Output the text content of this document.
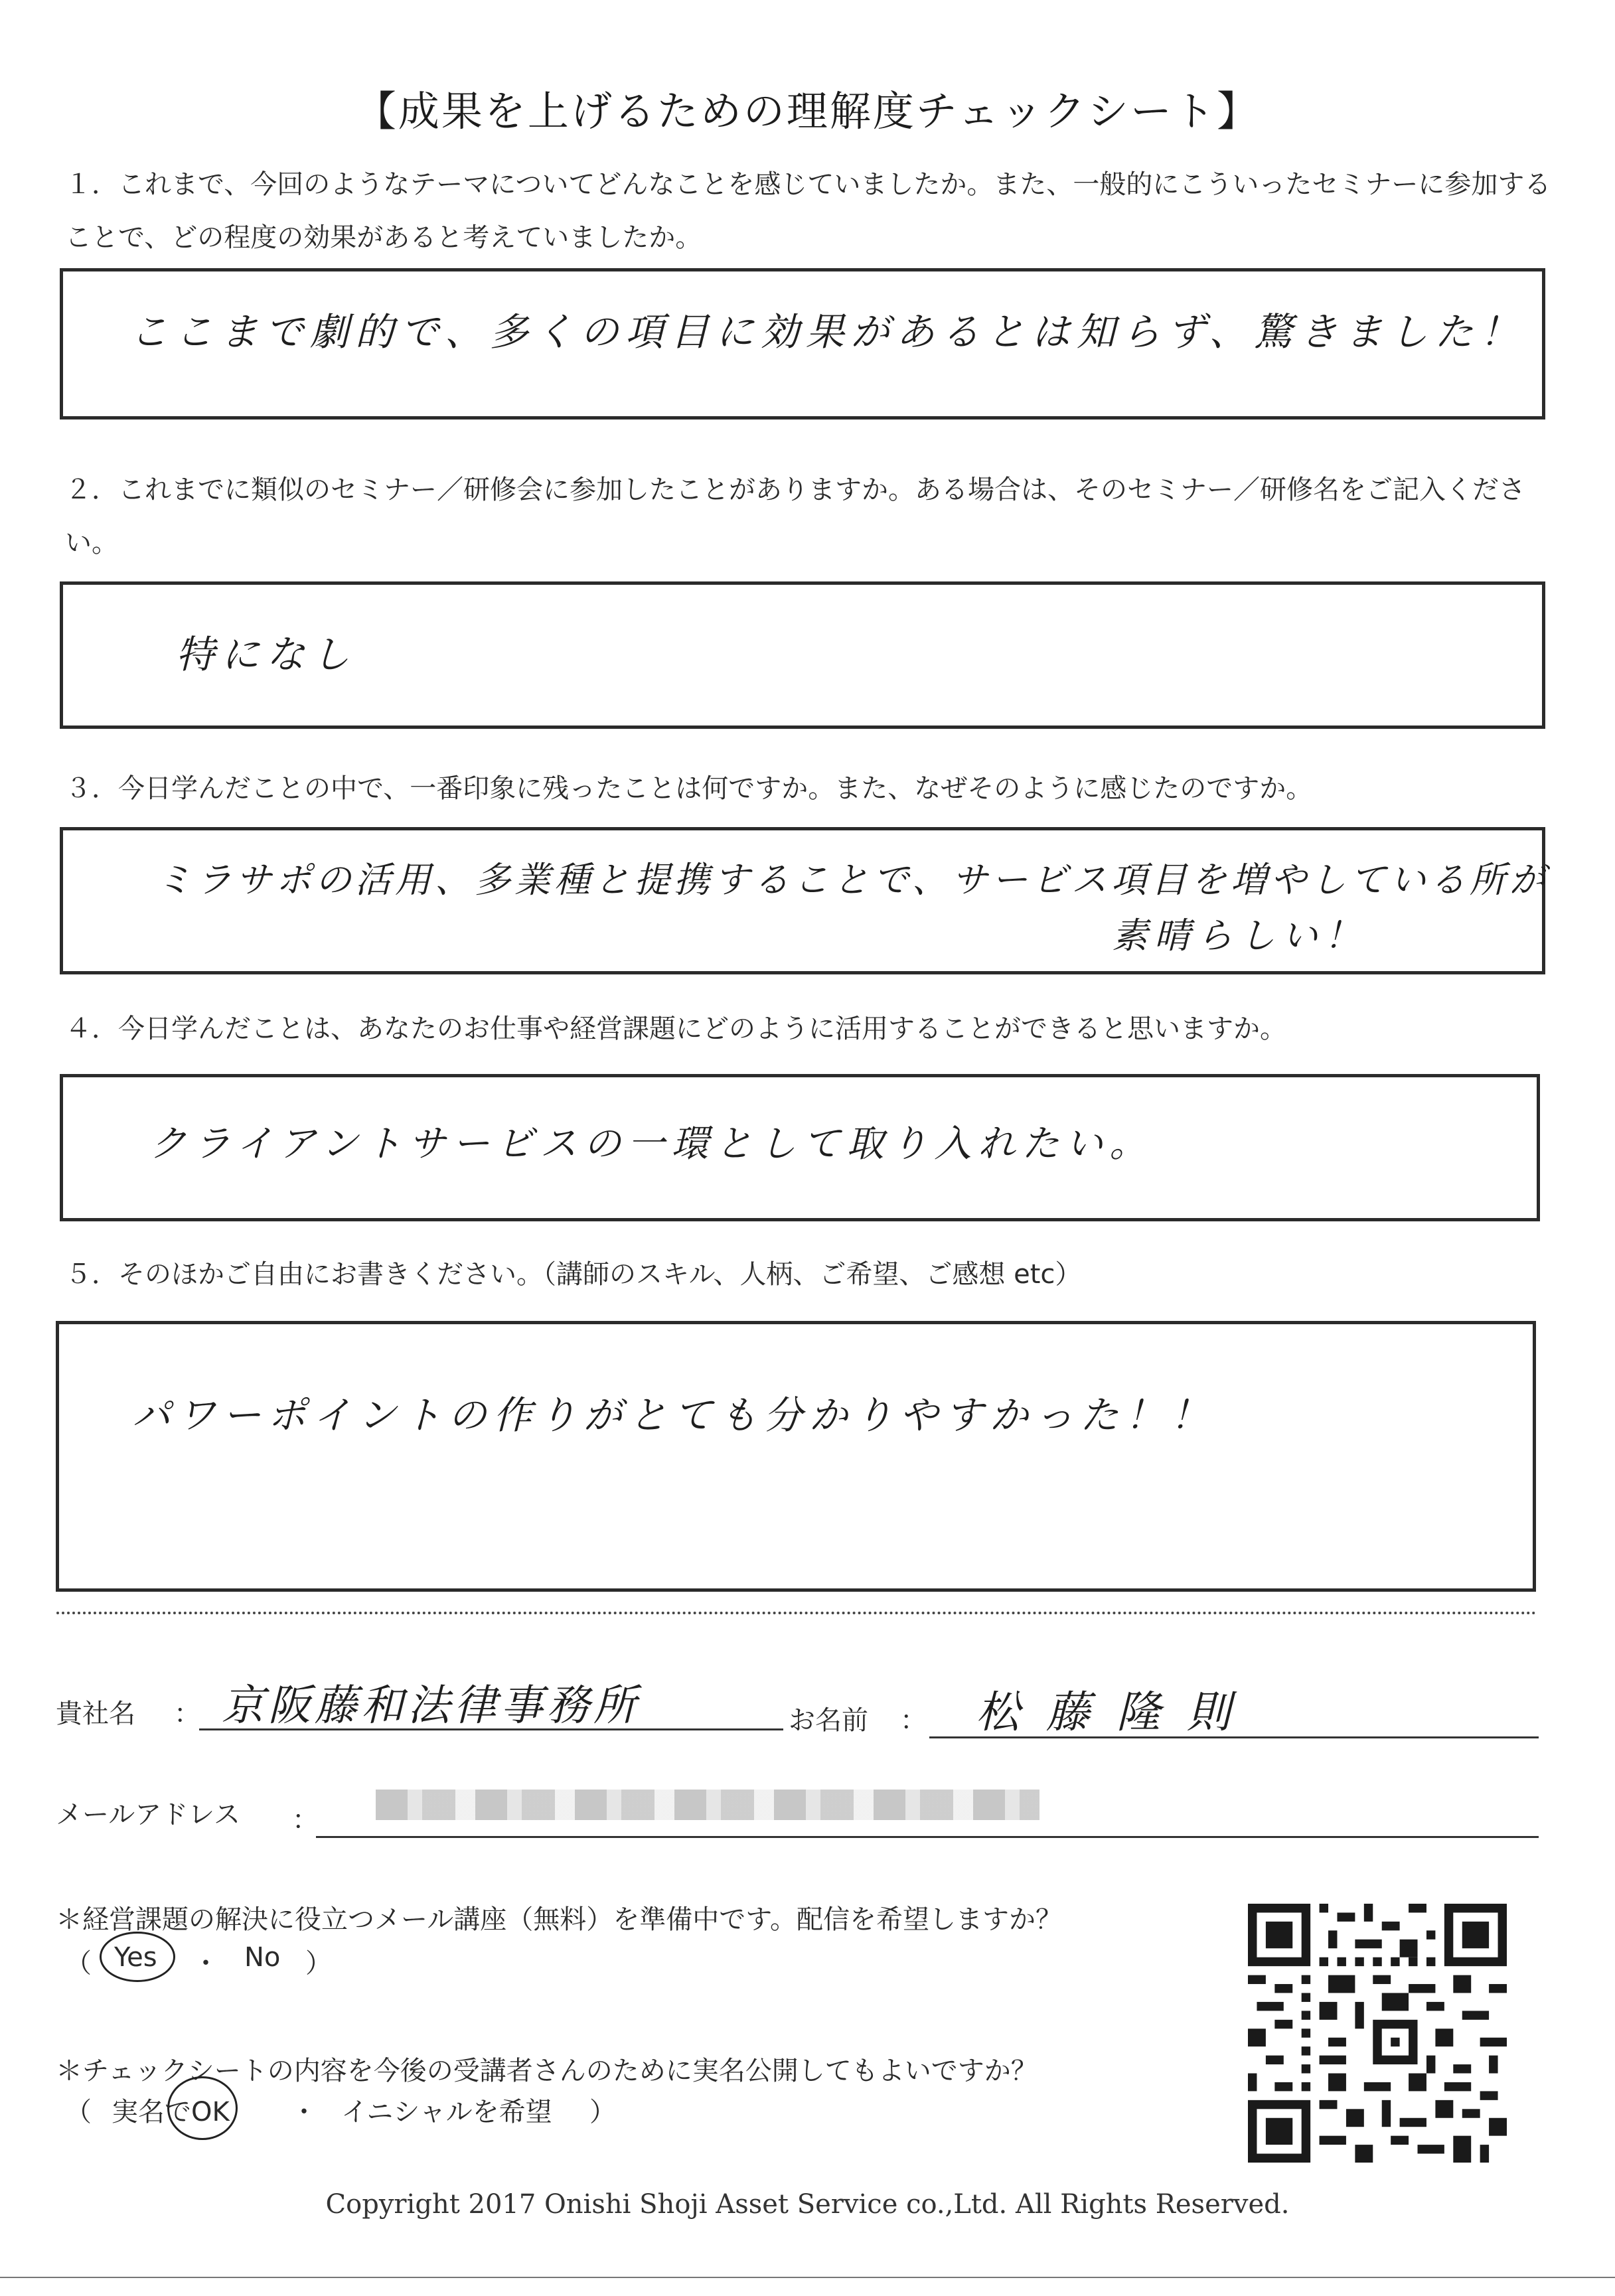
【成果を上げるための理解度チェックシート】
１．これまで、今回のようなテーマについてどんなことを感じていましたか。また、一般的にこういったセミナーに参加することで、どの程度の効果があると考えていましたか。
ここまで劇的で、多くの項目に効果があるとは知らず、驚きました！
２．これまでに類似のセミナー／研修会に参加したことがありますか。ある場合は、そのセミナー／研修名をご記入ください。
特になし
３．今日学んだことの中で、一番印象に残ったことは何ですか。また、なぜそのように感じたのですか。
ミラサポの活用、多業種と提携することで、サービス項目を増やしている所が
素晴らしい！
４．今日学んだことは、あなたのお仕事や経営課題にどのように活用することができると思いますか。
クライアントサービスの一環として取り入れたい。
５．そのほかご自由にお書きください。（講師のスキル、人柄、ご希望、ご感想 etc）
パワーポイントの作りがとても分かりやすかった！！
貴社名 ： 京阪藤和法律事務所	お名前 ： 松藤隆則
メールアドレス ：
＊経営課題の解決に役立つメール講座（無料）を準備中です。配信を希望しますか？
（ Yes ・ No ）
＊チェックシートの内容を今後の受講者さんのために実名公開してもよいですか？
（ 実名でOK ・ イニシャルを希望 ）
Copyright 2017 Onishi Shoji Asset Service co.,Ltd. All Rights Reserved.
